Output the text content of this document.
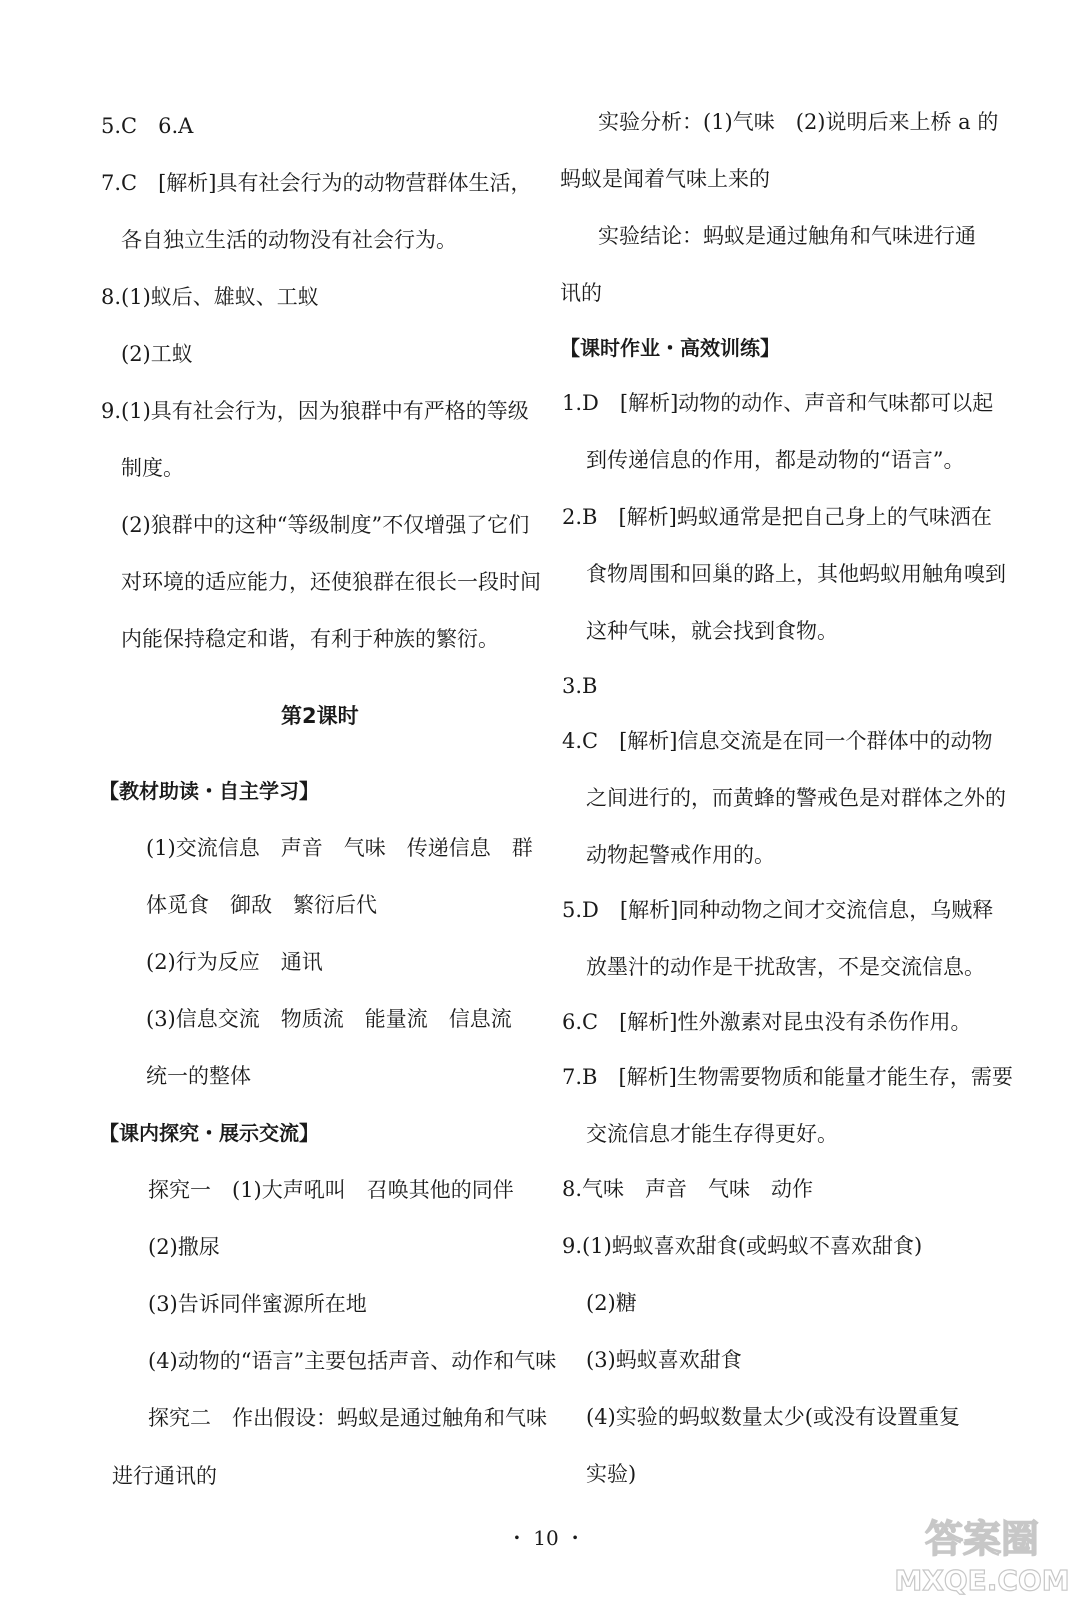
5.C　6.A
7.C　[解析]具有社会行为的动物营群体生活，
各自独立生活的动物没有社会行为。
8.(1)蚁后、雄蚁、工蚁
(2)工蚁
9.(1)具有社会行为，因为狼群中有严格的等级
制度。
(2)狼群中的这种“等级制度”不仅增强了它们
对环境的适应能力，还使狼群在很长一段时间
内能保持稳定和谐，有利于种族的繁衍。
第2课时
【教材助读・自主学习】
(1)交流信息　声音　气味　传递信息　群
体觅食　御敌　繁衍后代
(2)行为反应　通讯
(3)信息交流　物质流　能量流　信息流
统一的整体
【课内探究・展示交流】
探究一　(1)大声吼叫　召唤其他的同伴
(2)撒尿
(3)告诉同伴蜜源所在地
(4)动物的“语言”主要包括声音、动作和气味
探究二　作出假设：蚂蚁是通过触角和气味
进行通讯的
实验分析：(1)气味　(2)说明后来上桥 a 的
蚂蚁是闻着气味上来的
实验结论：蚂蚁是通过触角和气味进行通
讯的
【课时作业・高效训练】
1.D　[解析]动物的动作、声音和气味都可以起
到传递信息的作用，都是动物的“语言”。
2.B　[解析]蚂蚁通常是把自己身上的气味洒在
食物周围和回巢的路上，其他蚂蚁用触角嗅到
这种气味，就会找到食物。
3.B
4.C　[解析]信息交流是在同一个群体中的动物
之间进行的，而黄蜂的警戒色是对群体之外的
动物起警戒作用的。
5.D　[解析]同种动物之间才交流信息，乌贼释
放墨汁的动作是干扰敌害，不是交流信息。
6.C　[解析]性外激素对昆虫没有杀伤作用。
7.B　[解析]生物需要物质和能量才能生存，需要
交流信息才能生存得更好。
8.气味　声音　气味　动作
9.(1)蚂蚁喜欢甜食(或蚂蚁不喜欢甜食)
(2)糖
(3)蚂蚁喜欢甜食
(4)实验的蚂蚁数量太少(或没有设置重复
实验)
・ 10 ・	答案圈
MXQE.COM
